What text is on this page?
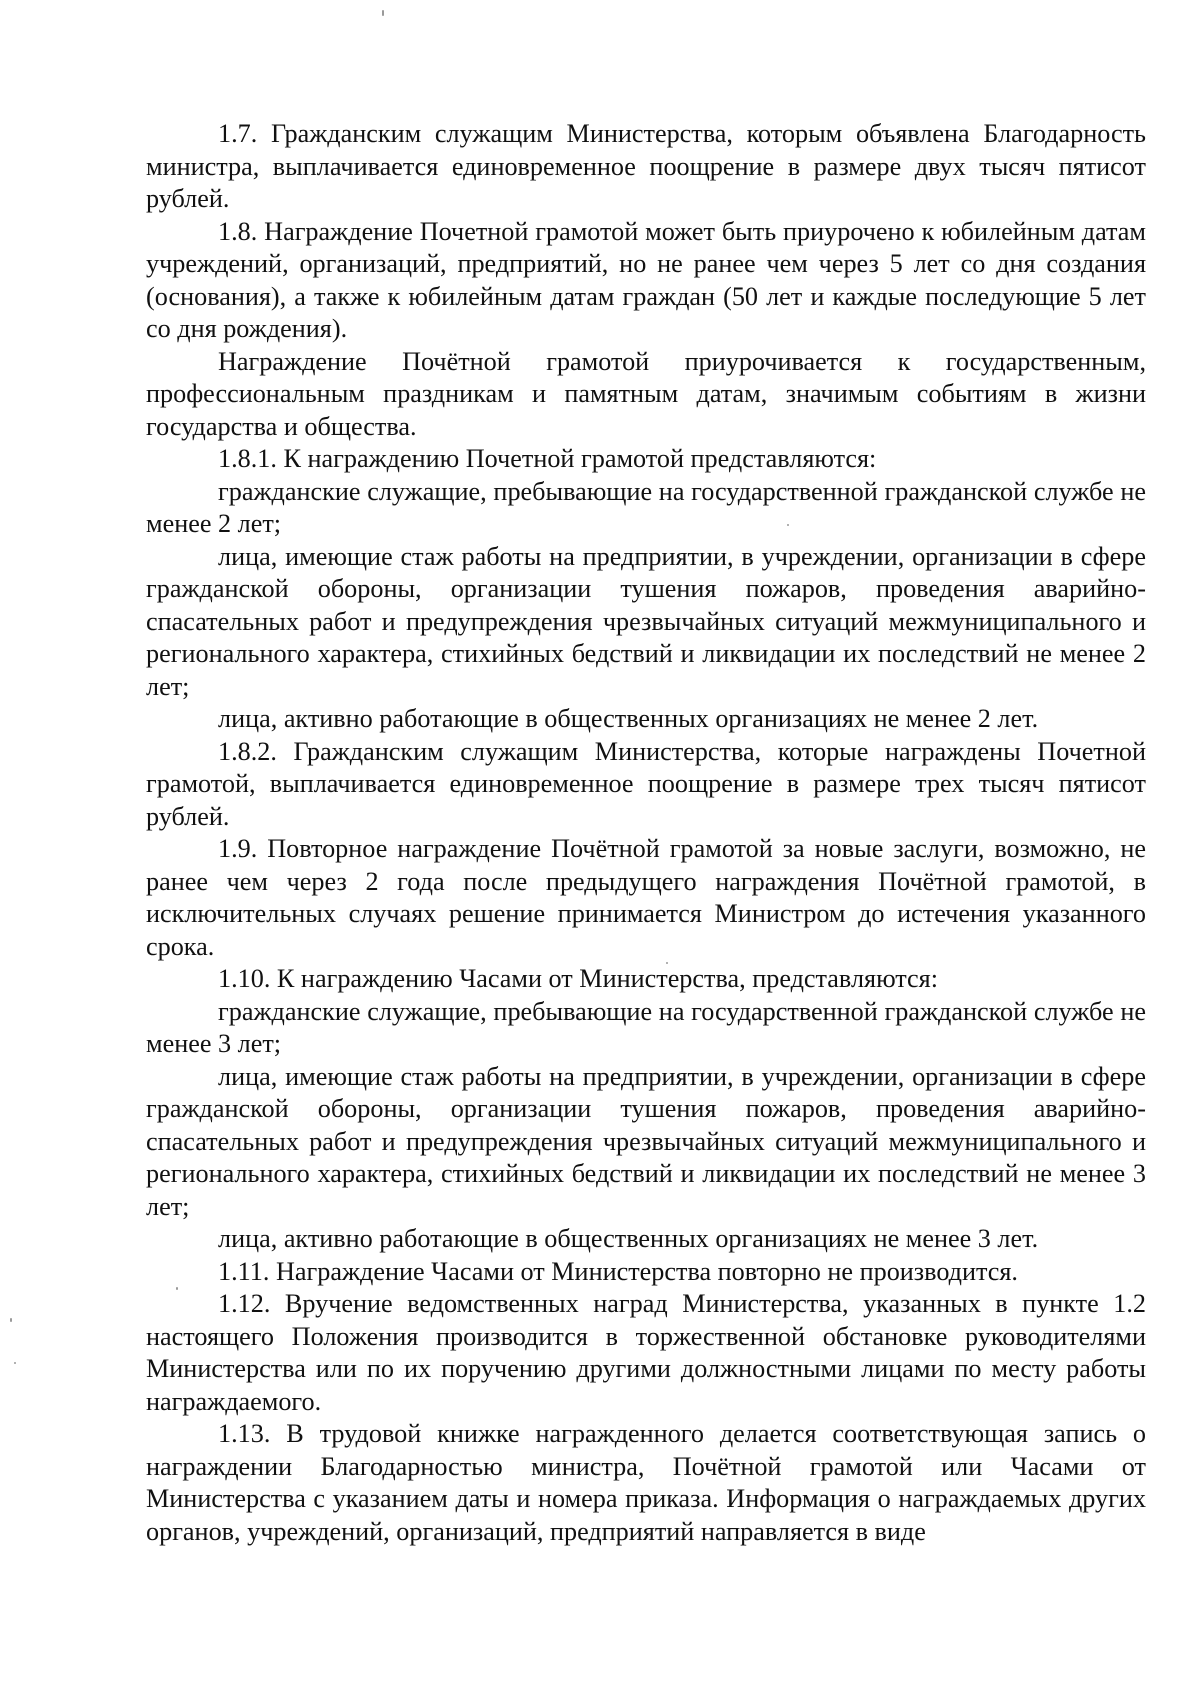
1.7. Гражданским служащим Министерства, которым объявлена Благодарность министра, выплачивается единовременное поощрение в размере двух тысяч пятисот рублей.

1.8. Награждение Почетной грамотой может быть приурочено к юбилейным датам учреждений, организаций, предприятий, но не ранее чем через 5 лет со дня создания (основания), а также к юбилейным датам граждан (50 лет и каждые последующие 5 лет со дня рождения).

Награждение Почётной грамотой приурочивается к государственным, профессиональным праздникам и памятным датам, значимым событиям в жизни государства и общества.

1.8.1. К награждению Почетной грамотой представляются:

гражданские служащие, пребывающие на государственной гражданской службе не менее 2 лет;

лица, имеющие стаж работы на предприятии, в учреждении, организации в сфере гражданской обороны, организации тушения пожаров, проведения аварийно-спасательных работ и предупреждения чрезвычайных ситуаций межмуниципального и регионального характера, стихийных бедствий и ликвидации их последствий не менее 2 лет;

лица, активно работающие в общественных организациях не менее 2 лет.

1.8.2. Гражданским служащим Министерства, которые награждены Почетной грамотой, выплачивается единовременное поощрение в размере трех тысяч пятисот рублей.

1.9. Повторное награждение Почётной грамотой за новые заслуги, возможно, не ранее чем через 2 года после предыдущего награждения Почётной грамотой, в исключительных случаях решение принимается Министром до истечения указанного срока.

1.10. К награждению Часами от Министерства, представляются:

гражданские служащие, пребывающие на государственной гражданской службе не менее 3 лет;

лица, имеющие стаж работы на предприятии, в учреждении, организации в сфере гражданской обороны, организации тушения пожаров, проведения аварийно-спасательных работ и предупреждения чрезвычайных ситуаций межмуниципального и регионального характера, стихийных бедствий и ликвидации их последствий не менее 3 лет;

лица, активно работающие в общественных организациях не менее 3 лет.

1.11. Награждение Часами от Министерства повторно не производится.

1.12. Вручение ведомственных наград Министерства, указанных в пункте 1.2 настоящего Положения производится в торжественной обстановке руководителями Министерства или по их поручению другими должностными лицами по месту работы награждаемого.

1.13. В трудовой книжке награжденного делается соответствующая запись о награждении Благодарностью министра, Почётной грамотой или Часами от Министерства с указанием даты и номера приказа. Информация о награждаемых других органов, учреждений, организаций, предприятий направляется в виде
